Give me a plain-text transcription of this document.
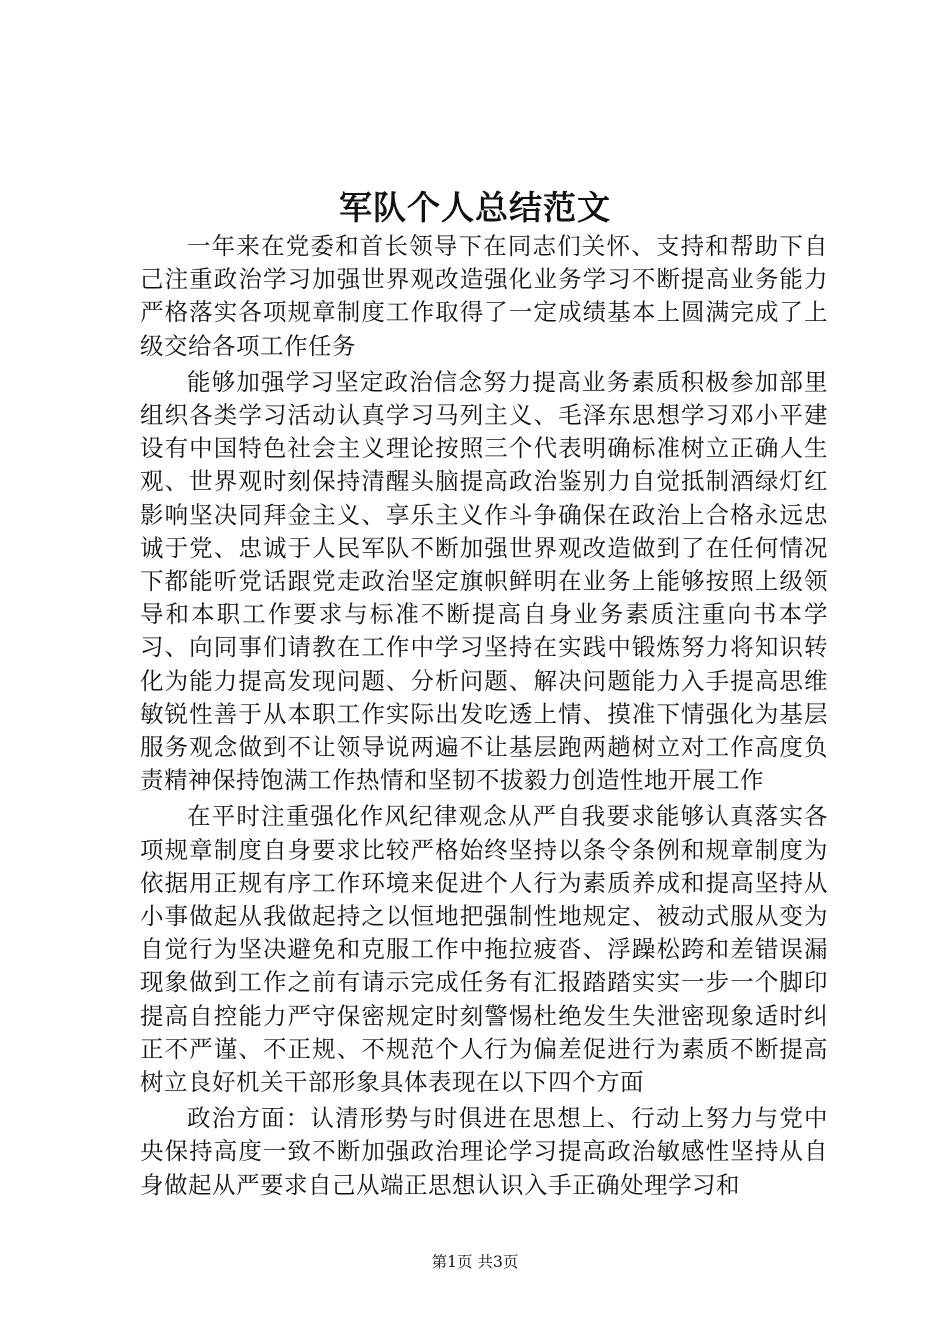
军队个人总结范文

一年来在党委和首长领导下在同志们关怀、支持和帮助下自己注重政治学习加强世界观改造强化业务学习不断提高业务能力严格落实各项规章制度工作取得了一定成绩基本上圆满完成了上级交给各项工作任务

能够加强学习坚定政治信念努力提高业务素质积极参加部里组织各类学习活动认真学习马列主义、毛泽东思想学习邓小平建设有中国特色社会主义理论按照三个代表明确标准树立正确人生观、世界观时刻保持清醒头脑提高政治鉴别力自觉抵制酒绿灯红影响坚决同拜金主义、享乐主义作斗争确保在政治上合格永远忠诚于党、忠诚于人民军队不断加强世界观改造做到了在任何情况下都能听党话跟党走政治坚定旗帜鲜明在业务上能够按照上级领导和本职工作要求与标准不断提高自身业务素质注重向书本学习、向同事们请教在工作中学习坚持在实践中锻炼努力将知识转化为能力提高发现问题、分析问题、解决问题能力入手提高思维敏锐性善于从本职工作实际出发吃透上情、摸准下情强化为基层服务观念做到不让领导说两遍不让基层跑两趟树立对工作高度负责精神保持饱满工作热情和坚韧不拔毅力创造性地开展工作

在平时注重强化作风纪律观念从严自我要求能够认真落实各项规章制度自身要求比较严格始终坚持以条令条例和规章制度为依据用正规有序工作环境来促进个人行为素质养成和提高坚持从小事做起从我做起持之以恒地把强制性地规定、被动式服从变为自觉行为坚决避免和克服工作中拖拉疲沓、浮躁松跨和差错误漏现象做到工作之前有请示完成任务有汇报踏踏实实一步一个脚印提高自控能力严守保密规定时刻警惕杜绝发生失泄密现象适时纠正不严谨、不正规、不规范个人行为偏差促进行为素质不断提高树立良好机关干部形象具体表现在以下四个方面

政治方面：认清形势与时俱进在思想上、行动上努力与党中央保持高度一致不断加强政治理论学习提高政治敏感性坚持从自身做起从严要求自己从端正思想认识入手正确处理学习和

第1页 共3页
